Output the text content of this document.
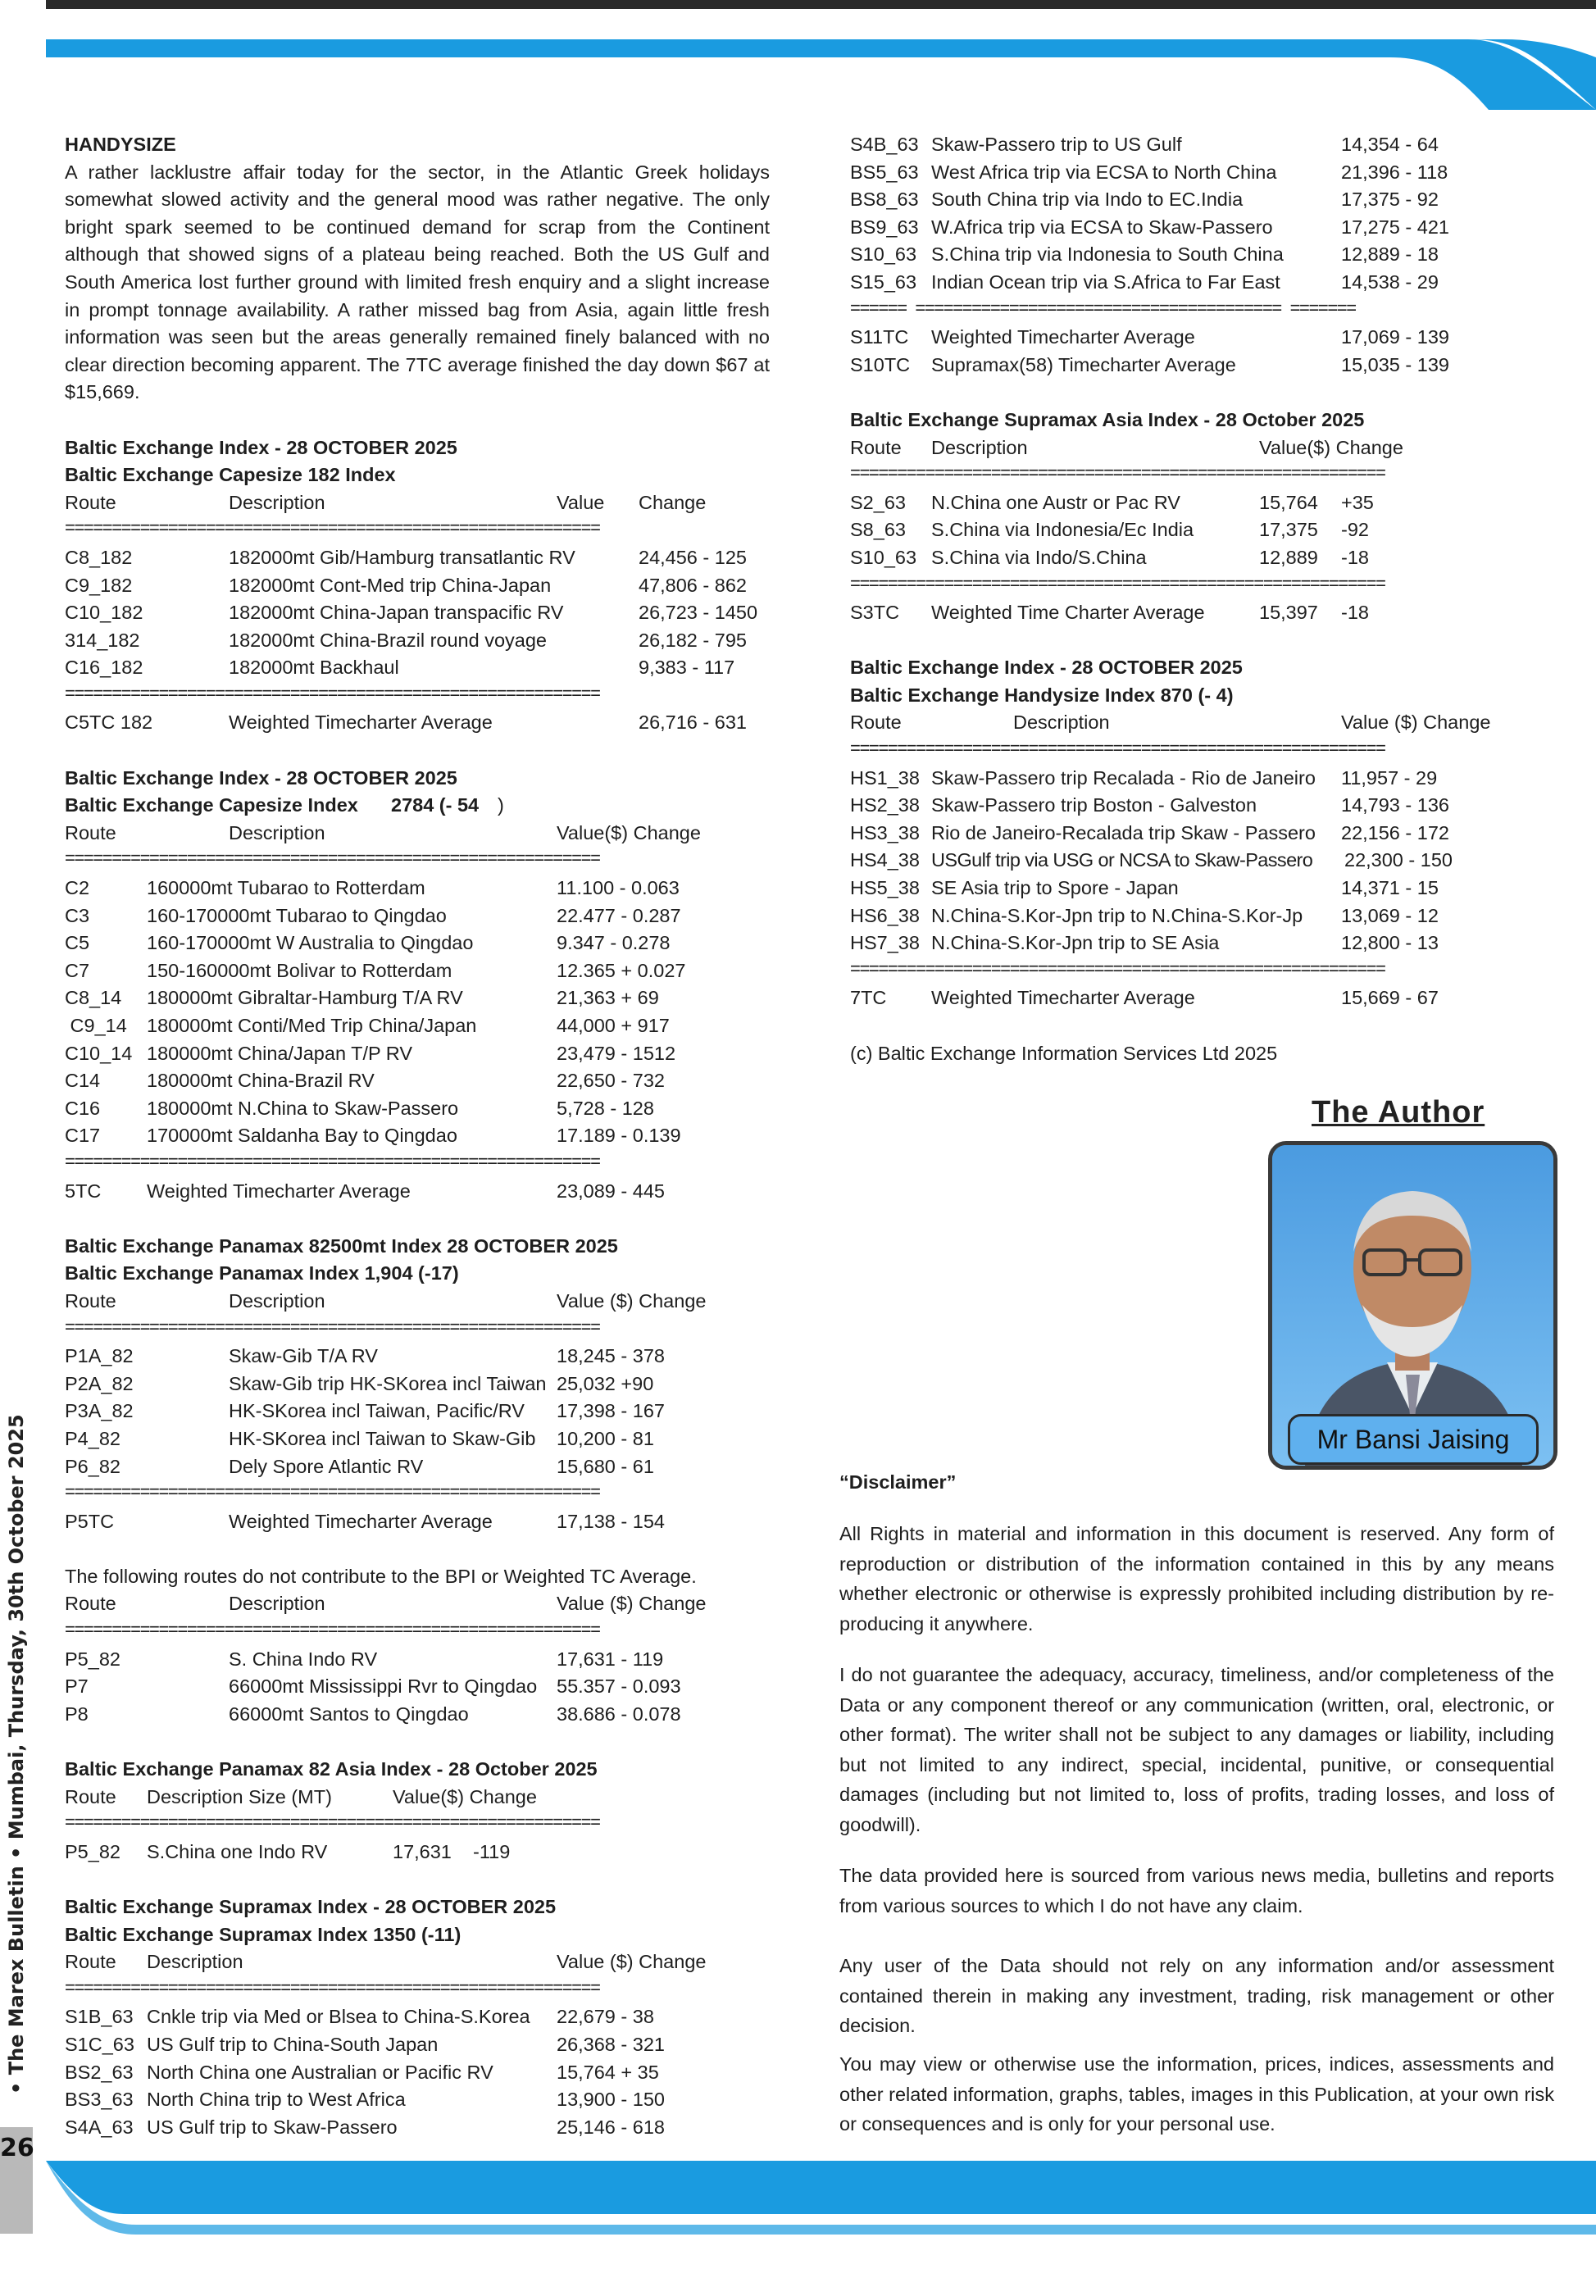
• The Marex Bulletin • Mumbai, Thursday, 30th October 2025
26
HANDYSIZE

A rather lacklustre affair today for the sector, in the Atlantic Greek holidays somewhat slowed activity and the general mood was rather negative. The only bright spark seemed to be continued demand for scrap from the Continent although that showed signs of a plateau being reached. Both the US Gulf and South America lost further ground with limited fresh enquiry and a slight increase in prompt tonnage availability. A rather missed bag from Asia, again little fresh information was seen but the areas generally remained finely balanced with no clear direction becoming apparent. The 7TC average finished the day down $67 at $15,669.

Baltic Exchange Index - 28 OCTOBER 2025
Baltic Exchange Capesize 182 Index
Route	Description	Value Change
=========================================================
C8_182	182000mt Gib/Hamburg transatlantic RV	24,456 - 125
C9_182	182000mt Cont-Med trip China-Japan	47,806 - 862
C10_182	182000mt China-Japan transpacific RV	26,723 - 1450
314_182	182000mt China-Brazil round voyage	26,182 - 795
C16_182	182000mt Backhaul	9,383 - 117
=========================================================
C5TC 182	Weighted Timecharter Average	26,716 - 631
Baltic Exchange Index - 28 OCTOBER 2025
Baltic Exchange Capesize Index 2784 (- 54 )
Route	Description	Value($) Change
=========================================================
C2	160000mt Tubarao to Rotterdam	11.100 - 0.063
C3	160-170000mt Tubarao to Qingdao	22.477 - 0.287
C5	160-170000mt W Australia to Qingdao	9.347 - 0.278
C7	150-160000mt Bolivar to Rotterdam	12.365 + 0.027
C8_14 180000mt Gibraltar-Hamburg T/A RV	21,363 + 69
C9_14 180000mt Conti/Med Trip China/Japan	44,000 + 917
C10_14 180000mt China/Japan T/P RV	23,479 - 1512
C14 180000mt China-Brazil RV	22,650 - 732
C16 180000mt N.China to Skaw-Passero	5,728 - 128
C17 170000mt Saldanha Bay to Qingdao	17.189 - 0.139
=========================================================
5TC Weighted Timecharter Average	23,089 - 445
Baltic Exchange Panamax 82500mt Index 28 OCTOBER 2025
Baltic Exchange Panamax Index 1,904 (-17)
Route	Description	Value ($) Change
=========================================================
P1A_82	Skaw-Gib T/A RV	18,245 - 378
P2A_82	Skaw-Gib trip HK-SKorea incl Taiwan 25,032 +90
P3A_82	HK-SKorea incl Taiwan, Pacific/RV 17,398 - 167
P4_82	HK-SKorea incl Taiwan to Skaw-Gib 10,200 - 81
P6_82	Dely Spore Atlantic RV	15,680 - 61
=========================================================
P5TC	Weighted Timecharter Average	17,138 - 154
The following routes do not contribute to the BPI or Weighted TC Average.
Route	Description	Value ($) Change
=========================================================
P5_82	S. China Indo RV	17,631 - 119
P7	66000mt Mississippi Rvr to Qingdao 55.357 - 0.093
P8	66000mt Santos to Qingdao	38.686 - 0.078
Baltic Exchange Panamax 82 Asia Index - 28 October 2025
Route Description Size (MT)	Value($) Change
=========================================================
P5_82 S.China one Indo RV	17,631    -119
Baltic Exchange Supramax Index - 28 OCTOBER 2025
Baltic Exchange Supramax Index 1350 (-11)
Route Description	Value ($) Change
=========================================================
S1B_63 Cnkle trip via Med or Blsea to China-S.Korea 22,679 - 38
S1C_63 US Gulf trip to China-South Japan	26,368 - 321
BS2_63 North China one Australian or Pacific RV	15,764 + 35
BS3_63 North China trip to West Africa	13,900 - 150
S4A_63 US Gulf trip to Skaw-Passero	25,146 - 618
S4B_63 Skaw-Passero trip to US Gulf	14,354 - 64
BS5_63 West Africa trip via ECSA to North China	21,396 - 118
BS8_63 South China trip via Indo to EC.India	17,375 - 92
BS9_63 W.Africa trip via ECSA to Skaw-Passero	17,275 - 421
S10_63 S.China trip via Indonesia to South China	12,889 - 18
S15_63 Indian Ocean trip via S.Africa to Far East	14,538 - 29
====== ======================================= =======
S11TC Weighted Timecharter Average	17,069 - 139
S10TC Supramax(58) Timecharter Average	15,035 - 139
Baltic Exchange Supramax Asia Index - 28 October 2025
Route Description	Value($) Change
=========================================================
S2_63 N.China one Austr or Pac RV	15,764 +35
S8_63 S.China via Indonesia/Ec India	17,375 -92
S10_63 S.China via Indo/S.China	12,889 -18
=========================================================
S3TC Weighted Time Charter Average	15,397 -18
Baltic Exchange Index - 28 OCTOBER 2025
Baltic Exchange Handysize Index 870 (- 4)
Route	Description	Value ($) Change
=========================================================
HS1_38 Skaw-Passero trip Recalada - Rio de Janeiro 11,957 - 29
HS2_38 Skaw-Passero trip Boston - Galveston	14,793 - 136
HS3_38 Rio de Janeiro-Recalada trip Skaw - Passero 22,156 - 172
HS4_38 USGulf trip via USG or NCSA to Skaw-Passero 22,300 - 150
HS5_38 SE Asia trip to Spore - Japan	14,371 - 15
HS6_38 N.China-S.Kor-Jpn trip to N.China-S.Kor-Jp 13,069 - 12
HS7_38 N.China-S.Kor-Jpn trip to SE Asia	12,800 - 13
=========================================================
7TC Weighted Timecharter Average	15,669 - 67
(c) Baltic Exchange Information Services Ltd 2025
The Author
Mr Bansi Jaising
“Disclaimer”

All Rights in material and information in this document is reserved. Any form of reproduction or distribution of the information contained in this by any means whether electronic or otherwise is expressly prohibited including distribution by re- producing it anywhere.

I do not guarantee the adequacy, accuracy, timeliness, and/or completeness of the Data or any component thereof or any communication (written, oral, electronic, or other format). The writer shall not be subject to any damages or liability, including but not limited to any indirect, special, incidental, punitive, or consequential damages (including but not limited to, loss of profits, trading losses, and loss of goodwill).

The data provided here is sourced from various news media, bulletins and reports from various sources to which I do not have any claim.

Any user of the Data should not rely on any information and/or assessment contained therein in making any investment, trading, risk management or other decision.

You may view or otherwise use the information, prices, indices, assessments and other related information, graphs, tables, images in this Publication, at your own risk or consequences and is only for your personal use.
